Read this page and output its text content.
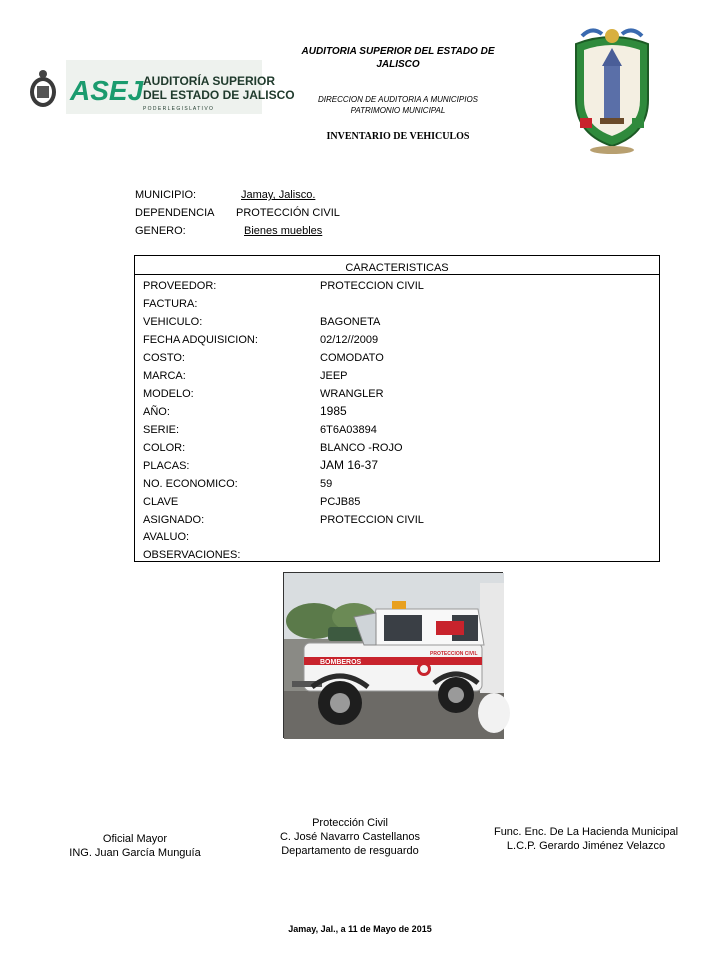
ASEJ AUDITORÍA SUPERIOR
DEL ESTADO DE JALISCO
P O D E R L E G I S L A T I V O
AUDITORIA SUPERIOR DEL ESTADO DE JALISCO
DIRECCION DE AUDITORIA A MUNICIPIOS
PATRIMONIO MUNICIPAL
INVENTARIO DE VEHICULOS
MUNICIPIO:	Jamay, Jalisco.
DEPENDENCIA PROTECCIÓN CIVIL
GENERO:	Bienes muebles
CARACTERISTICAS
PROVEEDOR:	PROTECCION CIVIL
FACTURA:
VEHICULO:	BAGONETA
FECHA ADQUISICION:	02/12//2009
COSTO:	COMODATO
MARCA:	JEEP
MODELO:	WRANGLER
AÑO:	1985
SERIE:	6T6A03894
COLOR:	BLANCO -ROJO
PLACAS:	JAM 16-37
NO. ECONOMICO:	59
CLAVE	PCJB85
ASIGNADO:	PROTECCION CIVIL
AVALUO:
OBSERVACIONES:
BOMBEROS
PROTECCION CIVIL
Oficial Mayor
ING. Juan García Munguía
Protección Civil
C. José Navarro Castellanos
Departamento de resguardo
Func. Enc. De La Hacienda Municipal
L.C.P. Gerardo Jiménez Velazco
Jamay, Jal., a 11 de Mayo de 2015
